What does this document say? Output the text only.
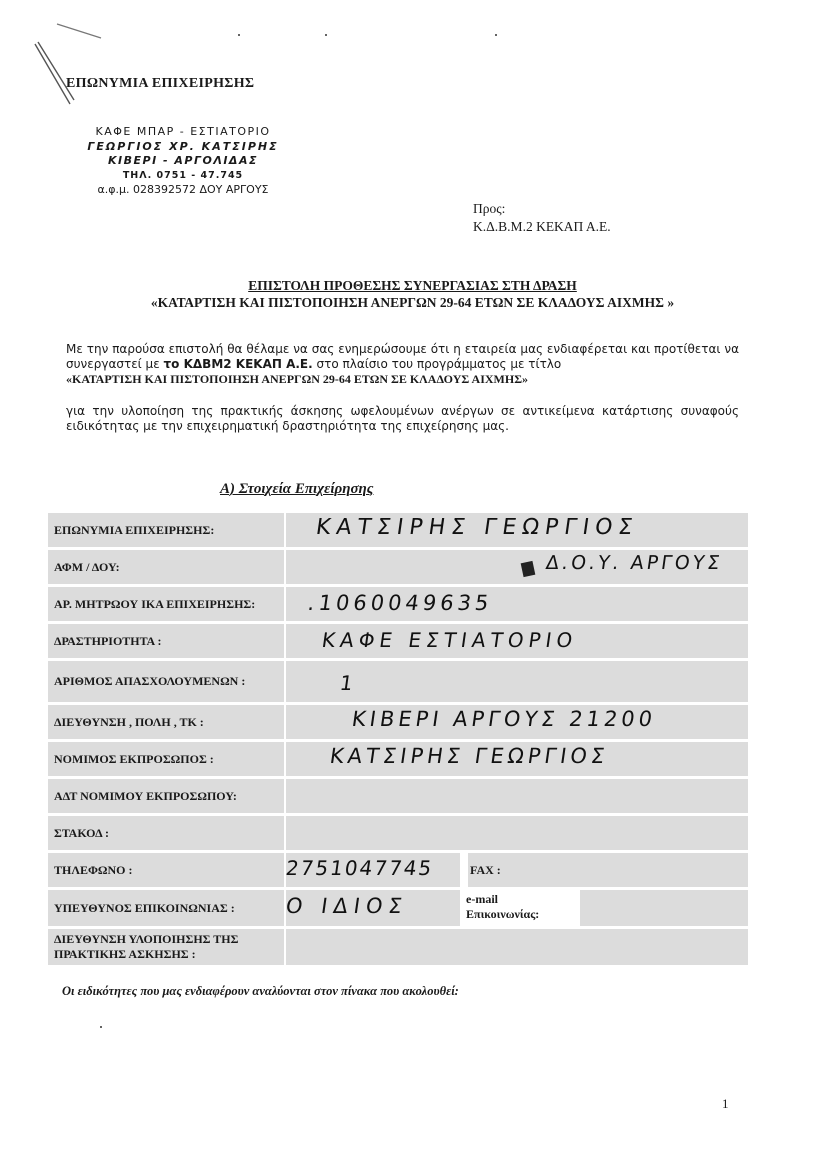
ΕΠΩΝΥΜΙΑ ΕΠΙΧΕΙΡΗΣΗΣ
ΚΑΦΕ ΜΠΑΡ - ΕΣΤΙΑΤΟΡΙΟ
ΓΕΩΡΓΙΟΣ ΧΡ. ΚΑΤΣΙΡΗΣ
ΚΙΒΕΡΙ - ΑΡΓΟΛΙΔΑΣ
ΤΗΛ. 0751 - 47.745
α.φ.μ. 028392572 ΔΟΥ ΑΡΓΟΥΣ
Προς:
Κ.Δ.Β.Μ.2 ΚΕΚΑΠ Α.Ε.
ΕΠΙΣΤΟΛΗ ΠΡΟΘΕΣΗΣ ΣΥΝΕΡΓΑΣΙΑΣ ΣΤΗ ΔΡΑΣΗ
«ΚΑΤΑΡΤΙΣΗ ΚΑΙ ΠΙΣΤΟΠΟΙΗΣΗ ΑΝΕΡΓΩΝ 29-64 ΕΤΩΝ ΣΕ ΚΛΑΔΟΥΣ ΑΙΧΜΗΣ »
Με την παρούσα επιστολή θα θέλαμε να σας ενημερώσουμε ότι η εταιρεία μας ενδιαφέρεται και προτίθεται να συνεργαστεί με το ΚΔΒΜ2 ΚΕΚΑΠ Α.Ε. στο πλαίσιο του προγράμματος με τίτλο
«ΚΑΤΑΡΤΙΣΗ ΚΑΙ ΠΙΣΤΟΠΟΙΗΣΗ ΑΝΕΡΓΩΝ 29-64 ΕΤΩΝ ΣΕ ΚΛΑΔΟΥΣ ΑΙΧΜΗΣ»
για την υλοποίηση της πρακτικής άσκησης ωφελουμένων ανέργων σε αντικείμενα κατάρτισης συναφούς ειδικότητας με την επιχειρηματική δραστηριότητα της επιχείρησης μας.
Α) Στοιχεία Επιχείρησης
ΕΠΩΝΥΜΙΑ ΕΠΙΧΕΙΡΗΣΗΣ:	ΚΑΤΣΙΡΗΣ ΓΕΩΡΓΙΟΣ
ΑΦΜ / ΔΟΥ:	Δ.Ο.Υ. ΑΡΓΟΥΣ
ΑΡ. ΜΗΤΡΩΟΥ ΙΚΑ ΕΠΙΧΕΙΡΗΣΗΣ:	.1060049635
ΔΡΑΣΤΗΡΙΟΤΗΤΑ :	ΚΑΦΕ ΕΣΤΙΑΤΟΡΙΟ
ΑΡΙΘΜΟΣ ΑΠΑΣΧΟΛΟΥΜΕΝΩΝ :	1
ΔΙΕΥΘΥΝΣΗ , ΠΟΛΗ , ΤΚ :	ΚΙΒΕΡΙ ΑΡΓΟΥΣ 21200
ΝΟΜΙΜΟΣ ΕΚΠΡΟΣΩΠΟΣ :	ΚΑΤΣΙΡΗΣ ΓΕΩΡΓΙΟΣ
ΑΔΤ ΝΟΜΙΜΟΥ ΕΚΠΡΟΣΩΠΟΥ:
ΣΤΑΚΟΔ :
ΤΗΛΕΦΩΝΟ :	2751047745	FAX :
ΥΠΕΥΘΥΝΟΣ ΕΠΙΚΟΙΝΩΝΙΑΣ :	Ο ΙΔΙΟΣ	e-mail
Επικοινωνίας:
ΔΙΕΥΘΥΝΣΗ ΥΛΟΠΟΙΗΣΗΣ ΤΗΣ ΠΡΑΚΤΙΚΗΣ ΑΣΚΗΣΗΣ :
Οι ειδικότητες που μας ενδιαφέρουν αναλύονται στον πίνακα που ακολουθεί:
1
